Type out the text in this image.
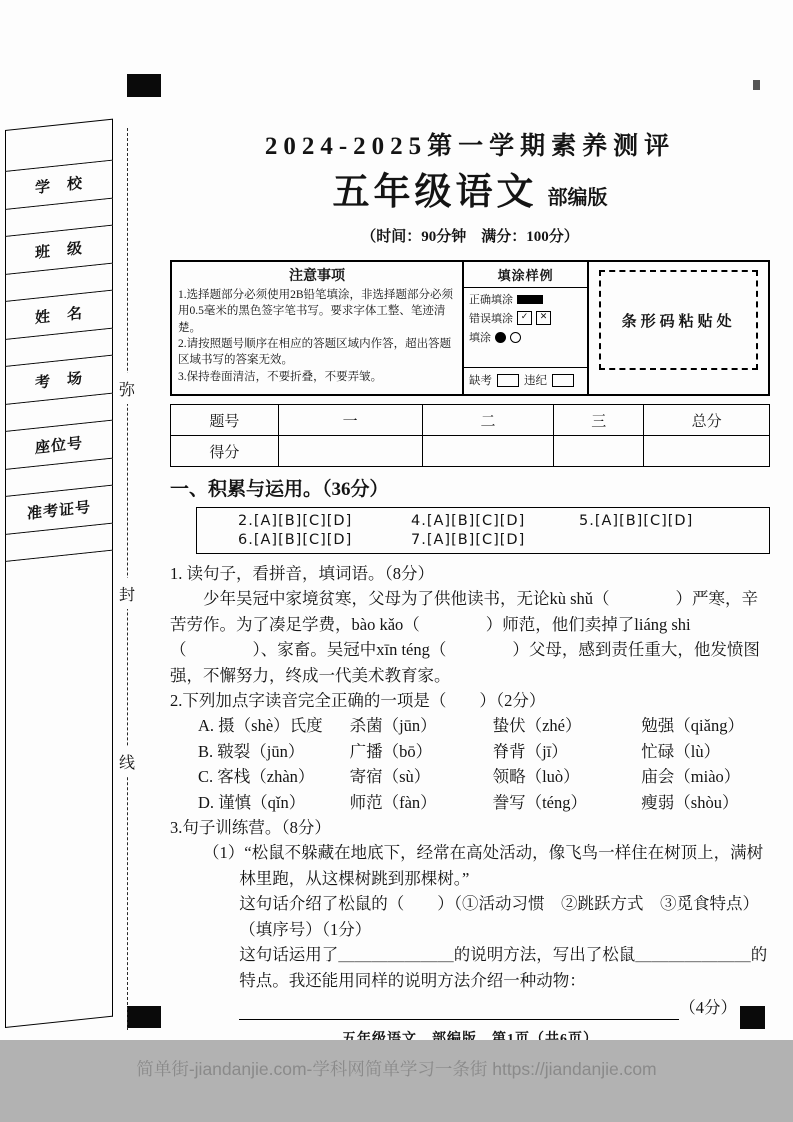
学　校
班　级
姓　名
考　场
座位号
准考证号
弥
封
线
2024-2025第一学期素养测评
五年级语文 部编版
（时间：90分钟　满分：100分）
注意事项
1.选择题部分必须使用2B铅笔填涂，非选择题部分必须用0.5毫米的黑色签字笔书写。要求字体工整、笔迹清楚。
2.请按照题号顺序在相应的答题区域内作答，超出答题区域书写的答案无效。
3.保持卷面清洁，不要折叠，不要弄皱。
填涂样例
正确填涂
错误填涂 ✓	✕
填涂
缺考	违纪
条形码粘贴处
题号	一	二	三	总分
得分				
一、积累与运用。（36分）
2.[A][B][C][D]	4.[A][B][C][D]	5.[A][B][C][D]
6.[A][B][C][D]	7.[A][B][C][D]
1. 读句子，看拼音，填词语。（8分）
少年吴冠中家境贫寒，父母为了供他读书，无论kù shǔ（　　　　）严寒，辛苦劳作。为了凑足学费，bào kǎo（　　　　）师范，他们卖掉了liáng shi（　　　　）、家畜。吴冠中xīn téng（　　　　）父母，感到责任重大，他发愤图强，不懈努力，终成一代美术教育家。
2.下列加点字读音完全正确的一项是（　　）（2分）
A. 摄（shè）氏度	杀菌（jūn）	蛰伏（zhé）	勉强（qiǎng）
B. 皲裂（jūn）	广播（bō）	脊背（jī）	忙碌（lù）
C. 客栈（zhàn）	寄宿（sù）	领略（luò）	庙会（miào）
D. 谨慎（qǐn）	师范（fàn）	誊写（téng）	瘦弱（shòu）
3.句子训练营。（8分）
（1）“松鼠不躲藏在地底下，经常在高处活动，像飞鸟一样住在树顶上，满树林里跑，从这棵树跳到那棵树。”
这句话介绍了松鼠的（　　）（①活动习惯　②跳跃方式　③觅食特点）（填序号）（1分）
这句话运用了＿＿＿＿＿＿＿的说明方法，写出了松鼠＿＿＿＿＿＿＿的特点。我还能用同样的说明方法介绍一种动物：
（4分）
简单街-jiandanjie.com-学科网简单学习一条街 https://jiandanjie.com
